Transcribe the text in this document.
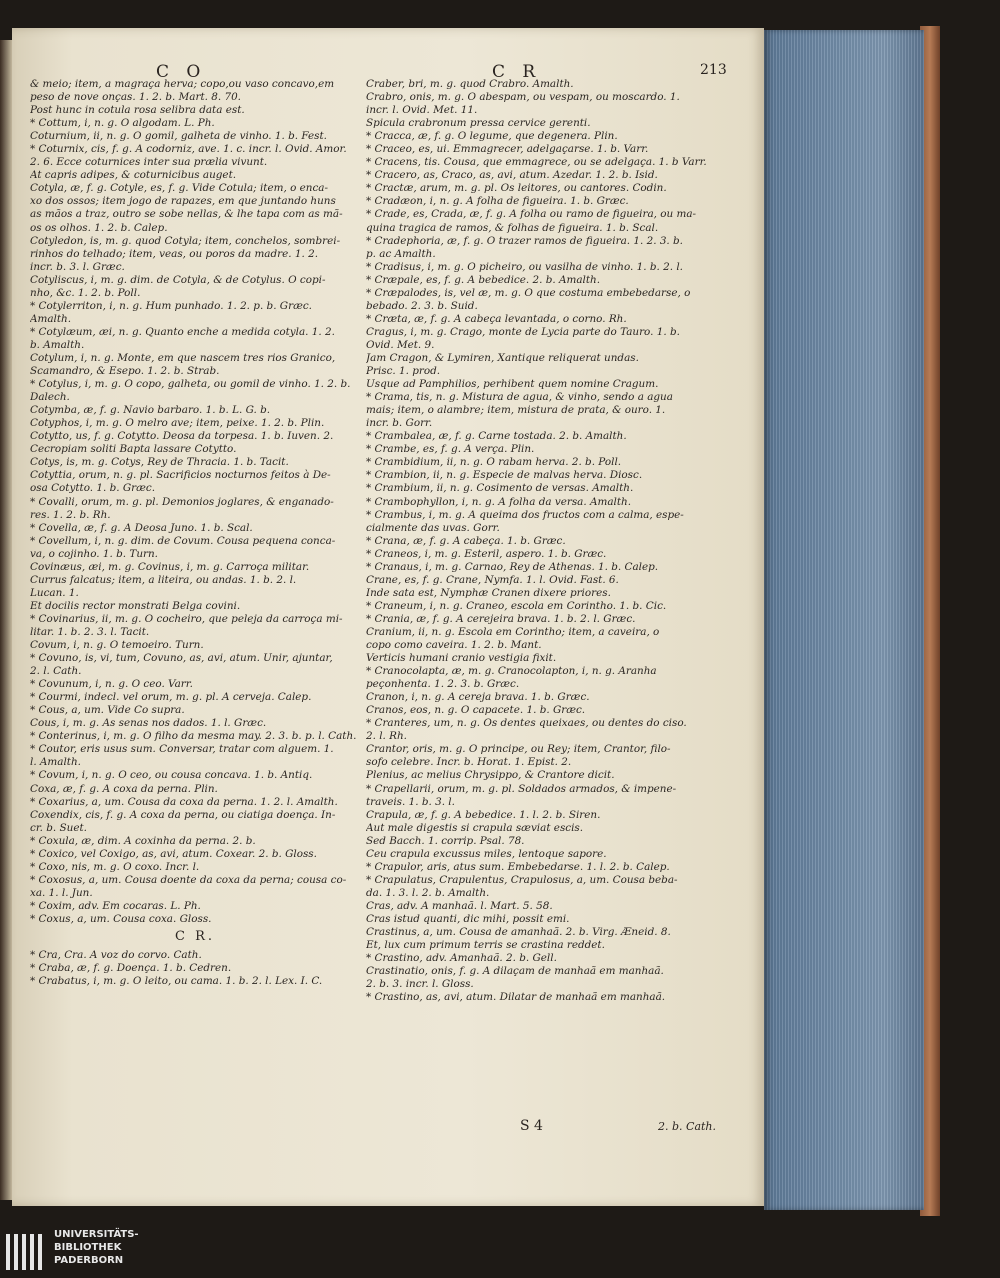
C O	C R	213
& meio; item, a magraça herva; copo,ou vaso concavo,em
peso de nove onças. 1. 2. b. Mart. 8. 70.
Post hunc in cotula rosa selibra data est.
* Cottum, i, n. g. O algodam. L. Ph.
Coturnium, ii, n. g. O gomil, galheta de vinho. 1. b. Fest.
* Coturnix, cis, f. g. A codorniz, ave. 1. c. incr. l. Ovid. Amor.
2. 6. Ecce coturnices inter sua prælia vivunt.
At capris adipes, & coturnicibus auget.
Cotyla, æ, f. g. Cotyle, es, f. g. Vide Cotula; item, o enca-
xo dos ossos; item jogo de rapazes, em que juntando huns
as mãos a traz, outro se sobe nellas, & lhe tapa com as mã-
os os olhos. 1. 2. b. Calep.
Cotyledon, is, m. g. quod Cotyla; item, conchelos, sombrei-
rinhos do telhado; item, veas, ou poros da madre. 1. 2.
incr. b. 3. l. Græc.
Cotyliscus, i, m. g. dim. de Cotyla, & de Cotylus. O copi-
nho, &c. 1. 2. b. Poll.
* Cotylerriton, i, n. g. Hum punhado. 1. 2. p. b. Græc.
Amalth.
* Cotylæum, æi, n. g. Quanto enche a medida cotyla. 1. 2.
b. Amalth.
Cotylum, i, n. g. Monte, em que nascem tres rios Granico,
Scamandro, & Esepo. 1. 2. b. Strab.
* Cotylus, i, m. g. O copo, galheta, ou gomil de vinho. 1. 2. b.
Dalech.
Cotymba, æ, f. g. Navio barbaro. 1. b. L. G. b.
Cotyphos, i, m. g. O melro ave; item, peixe. 1. 2. b. Plin.
Cotytto, us, f. g. Cotytto. Deosa da torpesa. 1. b. Iuven. 2.
Cecropiam soliti Bapta lassare Cotytto.
Cotys, is, m. g. Cotys, Rey de Thracia. 1. b. Tacit.
Cotyttia, orum, n. g. pl. Sacrificios nocturnos feitos à De-
osa Cotytto. 1. b. Græc.
* Covalli, orum, m. g. pl. Demonios joglares, & enganado-
res. 1. 2. b. Rh.
* Covella, æ, f. g. A Deosa Juno. 1. b. Scal.
* Covellum, i, n. g. dim. de Covum. Cousa pequena conca-
va, o cojinho. 1. b. Turn.
Covinæus, æi, m. g. Covinus, i, m. g. Carroça militar.
Currus falcatus; item, a liteira, ou andas. 1. b. 2. l.
Lucan. 1.
Et docilis rector monstrati Belga covini.
* Covinarius, ii, m. g. O cocheiro, que peleja da carroça mi-
litar. 1. b. 2. 3. l. Tacit.
Covum, i, n. g. O temoeiro. Turn.
* Covuno, is, vi, tum, Covuno, as, avi, atum. Unir, ajuntar,
2. l. Cath.
* Covunum, i, n. g. O ceo. Varr.
* Courmi, indecl. vel orum, m. g. pl. A cerveja. Calep.
* Cous, a, um. Vide Co supra.
Cous, i, m. g. As senas nos dados. 1. l. Græc.
* Conterinus, i, m. g. O filho da mesma may. 2. 3. b. p. l. Cath.
* Coutor, eris usus sum. Conversar, tratar com alguem. 1.
l. Amalth.
* Covum, i, n. g. O ceo, ou cousa concava. 1. b. Antiq.
Coxa, æ, f. g. A coxa da perna. Plin.
* Coxarius, a, um. Cousa da coxa da perna. 1. 2. l. Amalth.
Coxendix, cis, f. g. A coxa da perna, ou ciatiga doença. In-
cr. b. Suet.
* Coxula, æ, dim. A coxinha da perna. 2. b.
* Coxico, vel Coxigo, as, avi, atum. Coxear. 2. b. Gloss.
* Coxo, nis, m. g. O coxo. Incr. l.
* Coxosus, a, um. Cousa doente da coxa da perna; cousa co-
xa. 1. l. Jun.
* Coxim, adv. Em cocaras. L. Ph.
* Coxus, a, um. Cousa coxa. Gloss.
C R.
* Cra, Cra. A voz do corvo. Cath.
* Craba, æ, f. g. Doença. 1. b. Cedren.
* Crabatus, i, m. g. O leito, ou cama. 1. b. 2. l. Lex. I. C.
Craber, bri, m. g. quod Crabro. Amalth.
Crabro, onis, m. g. O abespam, ou vespam, ou moscardo. 1.
incr. l. Ovid. Met. 11.
Spicula crabronum pressa cervice gerenti.
* Cracca, æ, f. g. O legume, que degenera. Plin.
* Craceo, es, ui. Emmagrecer, adelgaçarse. 1. b. Varr.
* Cracens, tis. Cousa, que emmagrece, ou se adelgaça. 1. b Varr.
* Cracero, as, Craco, as, avi, atum. Azedar. 1. 2. b. Isid.
* Cractæ, arum, m. g. pl. Os leitores, ou cantores. Codin.
* Cradæon, i, n. g. A folha de figueira. 1. b. Græc.
* Crade, es, Crada, æ, f. g. A folha ou ramo de figueira, ou ma-
quina tragica de ramos, & folhas de figueira. 1. b. Scal.
* Cradephoria, æ, f. g. O trazer ramos de figueira. 1. 2. 3. b.
p. ac Amalth.
* Cradisus, i, m. g. O picheiro, ou vasilha de vinho. 1. b. 2. l.
* Cræpale, es, f. g. A bebedice. 2. b. Amalth.
* Cræpalodes, is, vel æ, m. g. O que costuma embebedarse, o
bebado. 2. 3. b. Suid.
* Cræta, æ, f. g. A cabeça levantada, o corno. Rh.
Cragus, i, m. g. Crago, monte de Lycia parte do Tauro. 1. b.
Ovid. Met. 9.
Jam Cragon, & Lymiren, Xantique reliquerat undas.
Prisc. 1. prod.
Usque ad Pamphilios, perhibent quem nomine Cragum.
* Crama, tis, n. g. Mistura de agua, & vinho, sendo a agua
mais; item, o alambre; item, mistura de prata, & ouro. 1.
incr. b. Gorr.
* Crambalea, æ, f. g. Carne tostada. 2. b. Amalth.
* Crambe, es, f. g. A verça. Plin.
* Crambidium, ii, n. g. O rabam herva. 2. b. Poll.
* Crambion, ii, n. g. Especie de malvas herva. Diosc.
* Crambium, ii, n. g. Cosimento de versas. Amalth.
* Crambophyllon, i, n. g. A folha da versa. Amalth.
* Crambus, i, m. g. A queima dos fructos com a calma, espe-
cialmente das uvas. Gorr.
* Crana, æ, f. g. A cabeça. 1. b. Græc.
* Craneos, i, m. g. Esteril, aspero. 1. b. Græc.
* Cranaus, i, m. g. Carnao, Rey de Athenas. 1. b. Calep.
Crane, es, f. g. Crane, Nymfa. 1. l. Ovid. Fast. 6.
Inde sata est, Nymphæ Cranen dixere priores.
* Craneum, i, n. g. Craneo, escola em Corintho. 1. b. Cic.
* Crania, æ, f. g. A cerejeira brava. 1. b. 2. l. Græc.
Cranium, ii, n. g. Escola em Corintho; item, a caveira, o
copo como caveira. 1. 2. b. Mant.
Verticis humani cranio vestigia fixit.
* Cranocolapta, æ, m. g. Cranocolapton, i, n. g. Aranha
peçonhenta. 1. 2. 3. b. Græc.
Cranon, i, n. g. A cereja brava. 1. b. Græc.
Cranos, eos, n. g. O capacete. 1. b. Græc.
* Cranteres, um, n. g. Os dentes queixaes, ou dentes do ciso.
2. l. Rh.
Crantor, oris, m. g. O principe, ou Rey; item, Crantor, filo-
sofo celebre. Incr. b. Horat. 1. Epist. 2.
Plenius, ac melius Chrysippo, & Crantore dicit.
* Crapellarii, orum, m. g. pl. Soldados armados, & impene-
traveis. 1. b. 3. l.
Crapula, æ, f. g. A bebedice. 1. l. 2. b. Siren.
Aut male digestis si crapula sæviat escis.
Sed Bacch. 1. corrip. Psal. 78.
Ceu crapula excussus miles, lentoque sapore.
* Crapulor, aris, atus sum. Embebedarse. 1. l. 2. b. Calep.
* Crapulatus, Crapulentus, Crapulosus, a, um. Cousa beba-
da. 1. 3. l. 2. b. Amalth.
Cras, adv. A manhaã. l. Mart. 5. 58.
Cras istud quanti, dic mihi, possit emi.
Crastinus, a, um. Cousa de amanhaã. 2. b. Virg. Æneid. 8.
Et, lux cum primum terris se crastina reddet.
* Crastino, adv. Amanhaã. 2. b. Gell.
Crastinatio, onis, f. g. A dilaçam de manhaã em manhaã.
2. b. 3. incr. l. Gloss.
* Crastino, as, avi, atum. Dilatar de manhaã em manhaã.
S 4	2. b. Cath.
UNIVERSITÄTS-
BIBLIOTHEK
PADERBORN
